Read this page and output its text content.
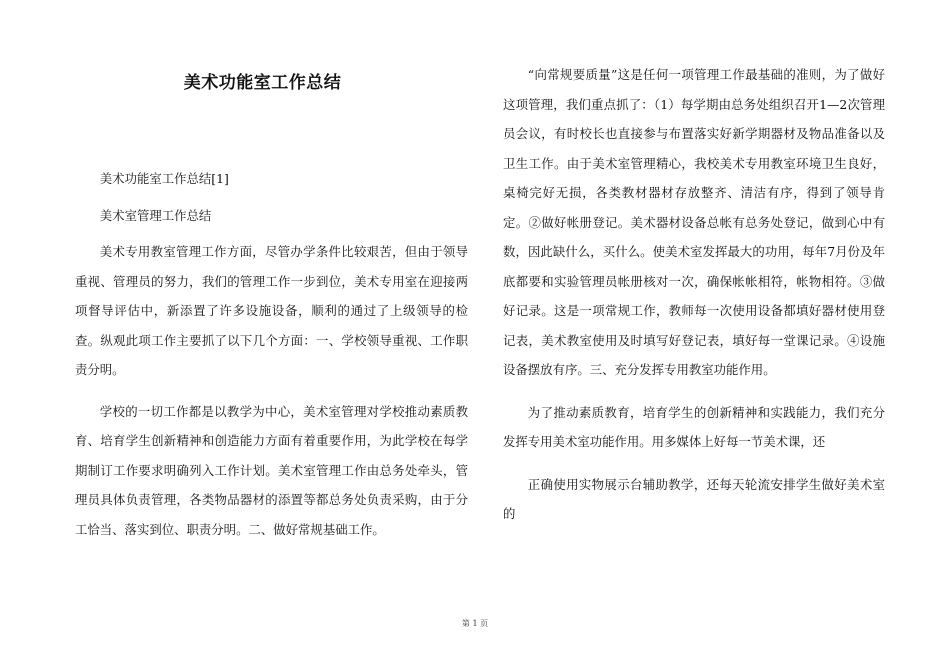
美术功能室工作总结

美术功能室工作总结[1]

美术室管理工作总结

美术专用教室管理工作方面，尽管办学条件比较艰苦，但由于领导重视、管理员的努力，我们的管理工作一步到位，美术专用室在迎接两项督导评估中，新添置了许多设施设备，顺利的通过了上级领导的检查。纵观此项工作主要抓了以下几个方面：一、学校领导重视、工作职责分明。

学校的一切工作都是以教学为中心，美术室管理对学校推动素质教育、培育学生创新精神和创造能力方面有着重要作用，为此学校在每学期制订工作要求明确列入工作计划。美术室管理工作由总务处牵头，管理员具体负责管理，各类物品器材的添置等都总务处负责采购，由于分工恰当、落实到位、职责分明。二、做好常规基础工作。

“向常规要质量”这是任何一项管理工作最基础的准则，为了做好这项管理，我们重点抓了：（1）每学期由总务处组织召开1—2次管理员会议，有时校长也直接参与布置落实好新学期器材及物品准备以及卫生工作。由于美术室管理精心，我校美术专用教室环境卫生良好，桌椅完好无损，各类教材器材存放整齐、清洁有序，得到了领导肯定。②做好帐册登记。美术器材设备总帐有总务处登记，做到心中有数，因此缺什么，买什么。使美术室发挥最大的功用，每年7月份及年底都要和实验管理员帐册核对一次，确保帐帐相符，帐物相符。③做好记录。这是一项常规工作，教师每一次使用设备都填好器材使用登记表，美术教室使用及时填写好登记表，填好每一堂课记录。④设施设备摆放有序。三、充分发挥专用教室功能作用。

为了推动素质教育，培育学生的创新精神和实践能力，我们充分发挥专用美术室功能作用。用多媒体上好每一节美术课，还

正确使用实物展示台辅助教学，还每天轮流安排学生做好美术室的

第 1 页
